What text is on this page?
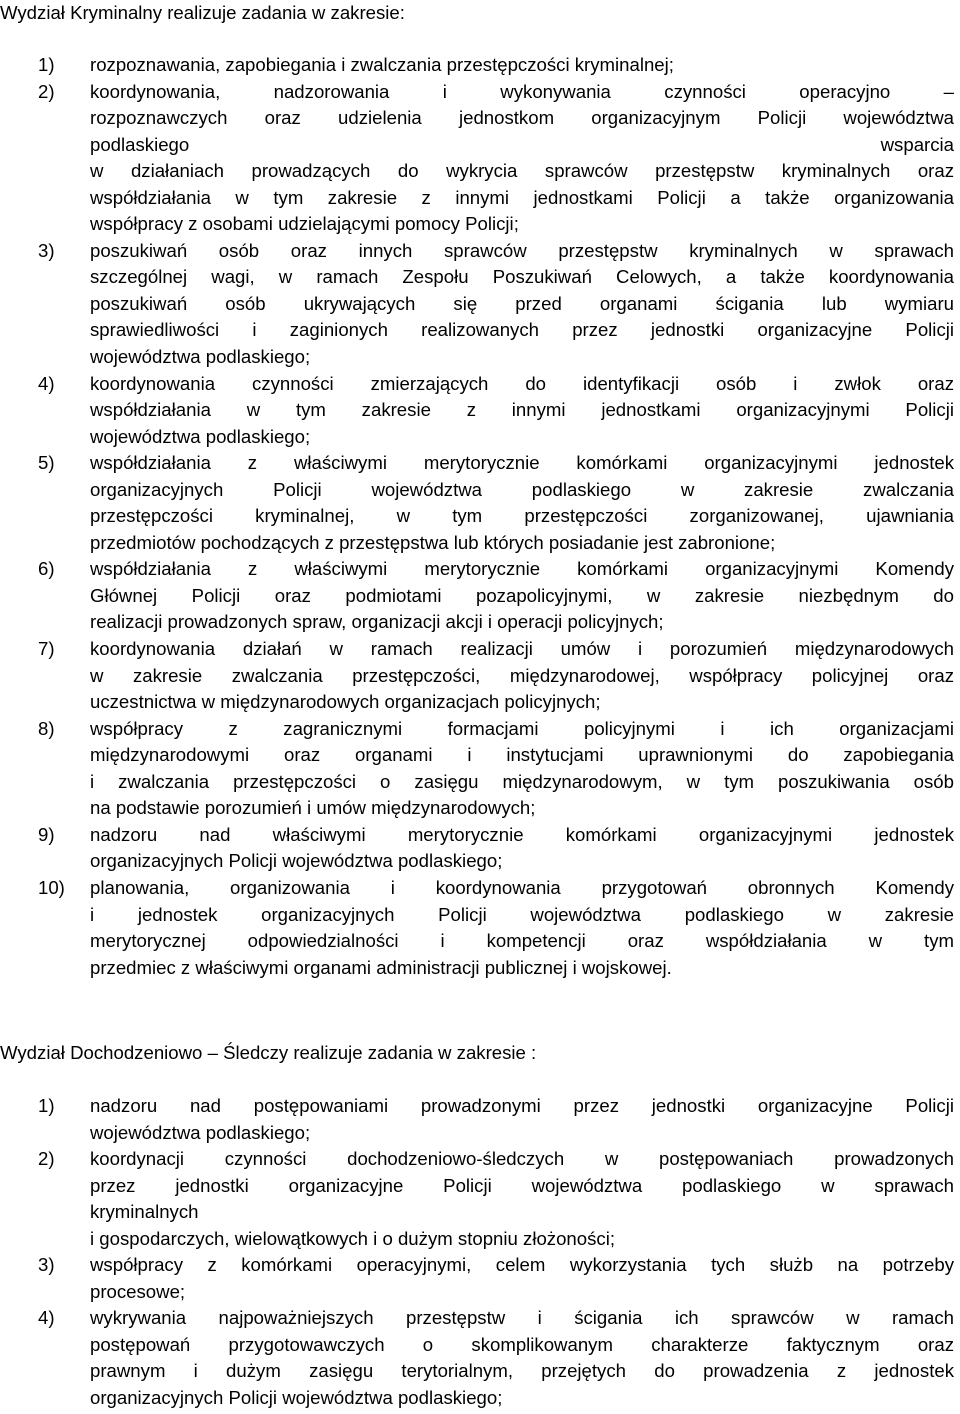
Wydział Kryminalny realizuje zadania w zakresie:
1) rozpoznawania, zapobiegania i zwalczania przestępczości kryminalnej;
2) koordynowania, nadzorowania i wykonywania czynności operacyjno –
rozpoznawczych oraz udzielenia jednostkom organizacyjnym Policji województwa
podlaskiego	wsparcia
w działaniach prowadzących do wykrycia sprawców przestępstw kryminalnych oraz
współdziałania w tym zakresie z innymi jednostkami Policji a także organizowania
współpracy z osobami udzielającymi pomocy Policji;
3) poszukiwań osób oraz innych sprawców przestępstw kryminalnych w sprawach
szczególnej wagi, w ramach Zespołu Poszukiwań Celowych, a także koordynowania
poszukiwań osób ukrywających się przed organami ścigania lub wymiaru
sprawiedliwości i zaginionych realizowanych przez jednostki organizacyjne Policji
województwa podlaskiego;
4) koordynowania czynności zmierzających do identyfikacji osób i zwłok oraz
współdziałania w tym zakresie z innymi jednostkami organizacyjnymi Policji
województwa podlaskiego;
5) współdziałania z właściwymi merytorycznie komórkami organizacyjnymi jednostek
organizacyjnych Policji województwa podlaskiego w zakresie zwalczania
przestępczości kryminalnej, w tym przestępczości zorganizowanej, ujawniania
przedmiotów pochodzących z przestępstwa lub których posiadanie jest zabronione;
6) współdziałania z właściwymi merytorycznie komórkami organizacyjnymi Komendy
Głównej Policji oraz podmiotami pozapolicyjnymi, w zakresie niezbędnym do
realizacji prowadzonych spraw, organizacji akcji i operacji policyjnych;
7) koordynowania działań w ramach realizacji umów i porozumień międzynarodowych
w zakresie zwalczania przestępczości, międzynarodowej, współpracy policyjnej oraz
uczestnictwa w międzynarodowych organizacjach policyjnych;
8) współpracy z zagranicznymi formacjami policyjnymi i ich organizacjami
międzynarodowymi oraz organami i instytucjami uprawnionymi do zapobiegania
i zwalczania przestępczości o zasięgu międzynarodowym, w tym poszukiwania osób
na podstawie porozumień i umów międzynarodowych;
9) nadzoru nad właściwymi merytorycznie komórkami organizacyjnymi jednostek
organizacyjnych Policji województwa podlaskiego;
10) planowania, organizowania i koordynowania przygotowań obronnych Komendy
i jednostek organizacyjnych Policji województwa podlaskiego w zakresie
merytorycznej odpowiedzialności i kompetencji oraz współdziałania w tym
przedmiec z właściwymi organami administracji publicznej i wojskowej.
Wydział Dochodzeniowo – Śledczy realizuje zadania w zakresie :
1) nadzoru nad postępowaniami prowadzonymi przez jednostki organizacyjne Policji
województwa podlaskiego;
2) koordynacji czynności dochodzeniowo-śledczych w postępowaniach prowadzonych
przez jednostki organizacyjne Policji województwa podlaskiego w sprawach
kryminalnych
i gospodarczych, wielowątkowych i o dużym stopniu złożoności;
3) współpracy z komórkami operacyjnymi, celem wykorzystania tych służb na potrzeby
procesowe;
4) wykrywania najpoważniejszych przestępstw i ścigania ich sprawców w ramach
postępowań przygotowawczych o skomplikowanym charakterze faktycznym oraz
prawnym i dużym zasięgu terytorialnym, przejętych do prowadzenia z jednostek
organizacyjnych Policji województwa podlaskiego;
